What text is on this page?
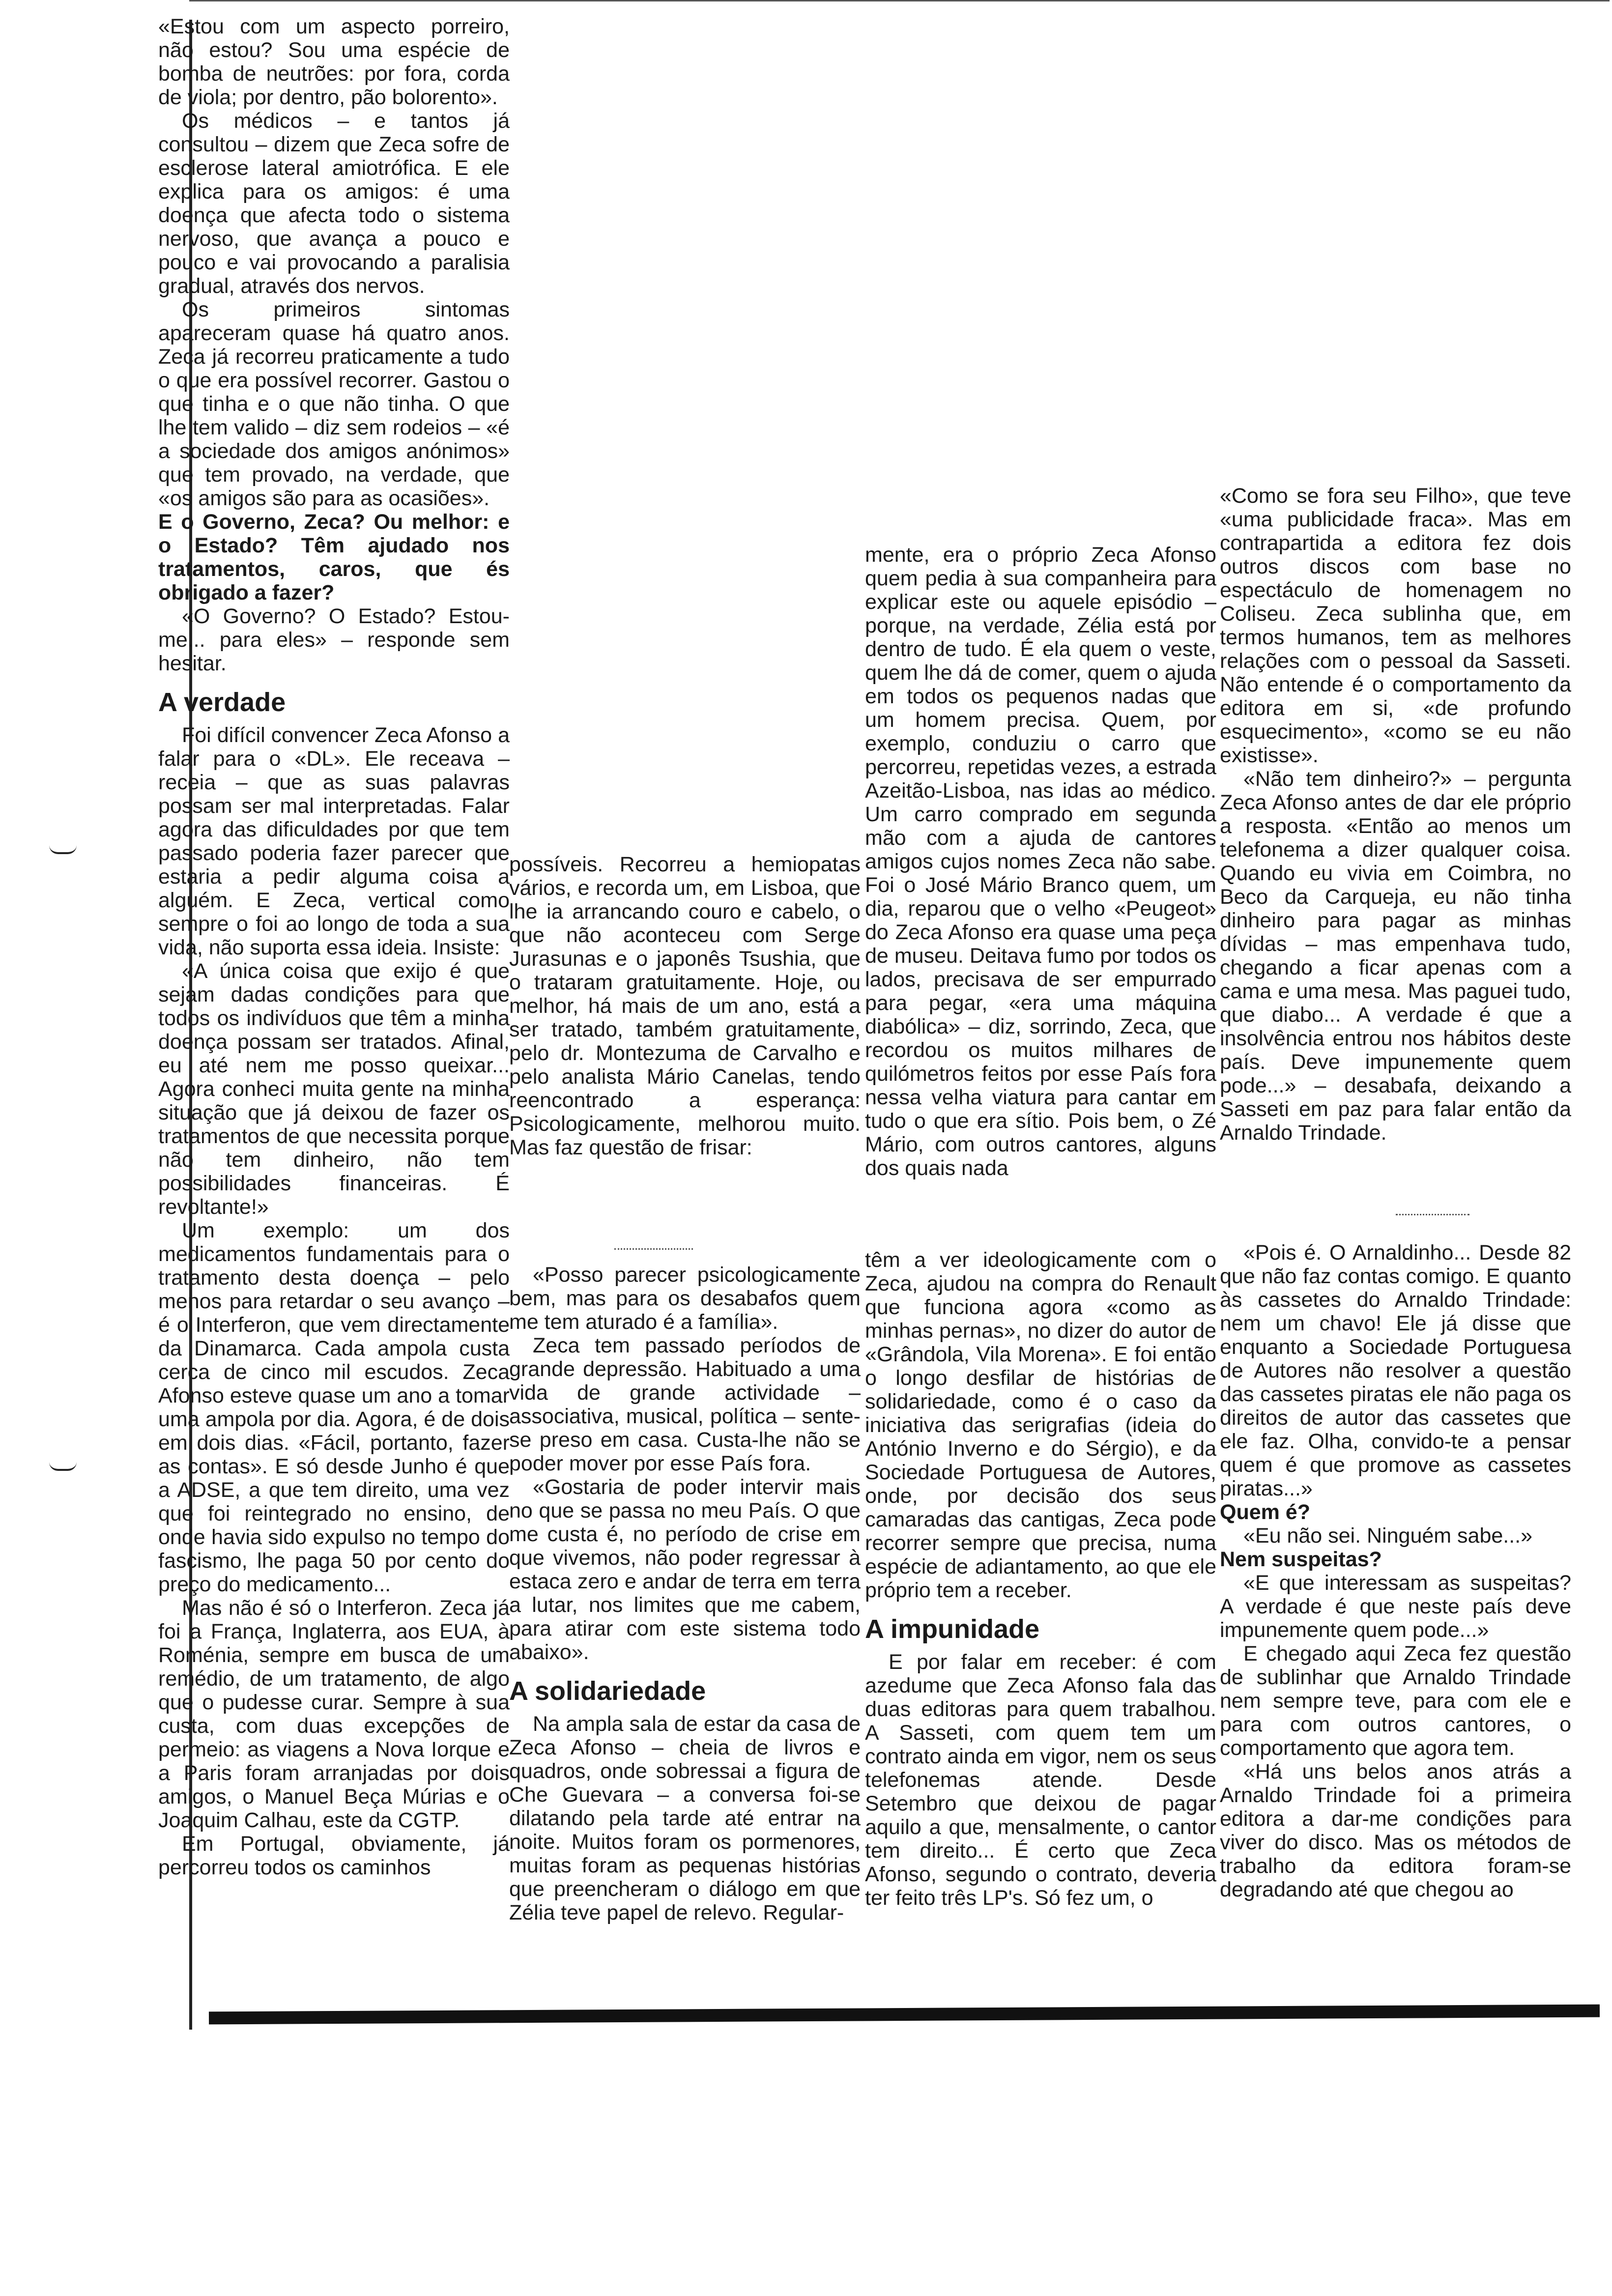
«Estou com um aspecto porreiro, não estou? Sou uma espécie de bomba de neutrões: por fora, corda de viola; por dentro, pão bolorento».

Os médicos – e tantos já consultou – dizem que Zeca sofre de esclerose lateral amiotrófica. E ele explica para os amigos: é uma doença que afecta todo o sistema nervoso, que avança a pouco e pouco e vai provocando a paralisia gradual, através dos nervos.

Os primeiros sintomas apareceram quase há quatro anos. Zeca já recorreu praticamente a tudo o que era possível recorrer. Gastou o que tinha e o que não tinha. O que lhe tem valido – diz sem rodeios – «é a sociedade dos amigos anónimos» que tem provado, na verdade, que «os amigos são para as ocasiões».

E o Governo, Zeca? Ou melhor: e o Estado? Têm ajudado nos tratamentos, caros, que és obrigado a fazer?

«O Governo? O Estado? Estou-me... para eles» – responde sem hesitar.

A verdade

Foi difícil convencer Zeca Afonso a falar para o «DL». Ele receava – receia – que as suas palavras possam ser mal interpretadas. Falar agora das dificuldades por que tem passado poderia fazer parecer que estaria a pedir alguma coisa a alguém. E Zeca, vertical como sempre o foi ao longo de toda a sua vida, não suporta essa ideia. Insiste:

«A única coisa que exijo é que sejam dadas condições para que todos os indivíduos que têm a minha doença possam ser tratados. Afinal, eu até nem me posso queixar... Agora conheci muita gente na minha situação que já deixou de fazer os tratamentos de que necessita porque não tem dinheiro, não tem possibilidades financeiras. É revoltante!»

Um exemplo: um dos medicamentos fundamentais para o tratamento desta doença – pelo menos para retardar o seu avanço – é o Interferon, que vem directamente da Dinamarca. Cada ampola custa cerca de cinco mil escudos. Zeca Afonso esteve quase um ano a tomar uma ampola por dia. Agora, é de dois em dois dias. «Fácil, portanto, fazer as contas». E só desde Junho é que a ADSE, a que tem direito, uma vez que foi reintegrado no ensino, de onde havia sido expulso no tempo do fascismo, lhe paga 50 por cento do preço do medicamento...

Mas não é só o Interferon. Zeca já foi a França, Inglaterra, aos EUA, à Roménia, sempre em busca de um remédio, de um tratamento, de algo que o pudesse curar. Sempre à sua custa, com duas excepções de permeio: as viagens a Nova Iorque e a Paris foram arranjadas por dois amigos, o Manuel Beça Múrias e o Joaquim Calhau, este da CGTP.

Em Portugal, obviamente, já percorreu todos os caminhos

possíveis. Recorreu a hemiopatas vários, e recorda um, em Lisboa, que lhe ia arrancando couro e cabelo, o que não aconteceu com Serge Jurasunas e o japonês Tsushia, que o trataram gratuitamente. Hoje, ou melhor, há mais de um ano, está a ser tratado, também gratuitamente, pelo dr. Montezuma de Carvalho e pelo analista Mário Canelas, tendo reencontrado a esperança: Psicologicamente, melhorou muito. Mas faz questão de frisar:

«Posso parecer psicologicamente bem, mas para os desabafos quem me tem aturado é a família».

Zeca tem passado períodos de grande depressão. Habituado a uma vida de grande actividade – associativa, musical, política – sente-se preso em casa. Custa-lhe não se poder mover por esse País fora.

«Gostaria de poder intervir mais no que se passa no meu País. O que me custa é, no período de crise em que vivemos, não poder regressar à estaca zero e andar de terra em terra a lutar, nos limites que me cabem, para atirar com este sistema todo abaixo».

A solidariedade

Na ampla sala de estar da casa de Zeca Afonso – cheia de livros e quadros, onde sobressai a figura de Che Guevara – a conversa foi-se dilatando pela tarde até entrar na noite. Muitos foram os pormenores, muitas foram as pequenas histórias que preencheram o diálogo em que Zélia teve papel de relevo. Regular-

mente, era o próprio Zeca Afonso quem pedia à sua companheira para explicar este ou aquele episódio – porque, na verdade, Zélia está por dentro de tudo. É ela quem o veste, quem lhe dá de comer, quem o ajuda em todos os pequenos nadas que um homem precisa. Quem, por exemplo, conduziu o carro que percorreu, repetidas vezes, a estrada Azeitão-Lisboa, nas idas ao médico. Um carro comprado em segunda mão com a ajuda de cantores amigos cujos nomes Zeca não sabe. Foi o José Mário Branco quem, um dia, reparou que o velho «Peugeot» do Zeca Afonso era quase uma peça de museu. Deitava fumo por todos os lados, precisava de ser empurrado para pegar, «era uma máquina diabólica» – diz, sorrindo, Zeca, que recordou os muitos milhares de quilómetros feitos por esse País fora nessa velha viatura para cantar em tudo o que era sítio. Pois bem, o Zé Mário, com outros cantores, alguns dos quais nada

têm a ver ideologicamente com o Zeca, ajudou na compra do Renault que funciona agora «como as minhas pernas», no dizer do autor de «Grândola, Vila Morena». E foi então o longo desfilar de histórias de solidariedade, como é o caso da iniciativa das serigrafias (ideia do António Inverno e do Sérgio), e da Sociedade Portuguesa de Autores, onde, por decisão dos seus camaradas das cantigas, Zeca pode recorrer sempre que precisa, numa espécie de adiantamento, ao que ele próprio tem a receber.

A impunidade

E por falar em receber: é com azedume que Zeca Afonso fala das duas editoras para quem trabalhou. A Sasseti, com quem tem um contrato ainda em vigor, nem os seus telefonemas atende. Desde Setembro que deixou de pagar aquilo a que, mensalmente, o cantor tem direito... É certo que Zeca Afonso, segundo o contrato, deveria ter feito três LP's. Só fez um, o

«Como se fora seu Filho», que teve «uma publicidade fraca». Mas em contrapartida a editora fez dois outros discos com base no espectáculo de homenagem no Coliseu. Zeca sublinha que, em termos humanos, tem as melhores relações com o pessoal da Sasseti. Não entende é o comportamento da editora em si, «de profundo esquecimento», «como se eu não existisse».

«Não tem dinheiro?» – pergunta Zeca Afonso antes de dar ele próprio a resposta. «Então ao menos um telefonema a dizer qualquer coisa. Quando eu vivia em Coimbra, no Beco da Carqueja, eu não tinha dinheiro para pagar as minhas dívidas – mas empenhava tudo, chegando a ficar apenas com a cama e uma mesa. Mas paguei tudo, que diabo... A verdade é que a insolvência entrou nos hábitos deste país. Deve impunemente quem pode...» – desabafa, deixando a Sasseti em paz para falar então da Arnaldo Trindade.

«Pois é. O Arnaldinho... Desde 82 que não faz contas comigo. E quanto às cassetes do Arnaldo Trindade: nem um chavo! Ele já disse que enquanto a Sociedade Portuguesa de Autores não resolver a questão das cassetes piratas ele não paga os direitos de autor das cassetes que ele faz. Olha, convido-te a pensar quem é que promove as cassetes piratas...»

Quem é?

«Eu não sei. Ninguém sabe...»

Nem suspeitas?

«E que interessam as suspeitas? A verdade é que neste país deve impunemente quem pode...»

E chegado aqui Zeca fez questão de sublinhar que Arnaldo Trindade nem sempre teve, para com ele e para com outros cantores, o comportamento que agora tem.

«Há uns belos anos atrás a Arnaldo Trindade foi a primeira editora a dar-me condições para viver do disco. Mas os métodos de trabalho da editora foram-se degradando até que chegou ao
